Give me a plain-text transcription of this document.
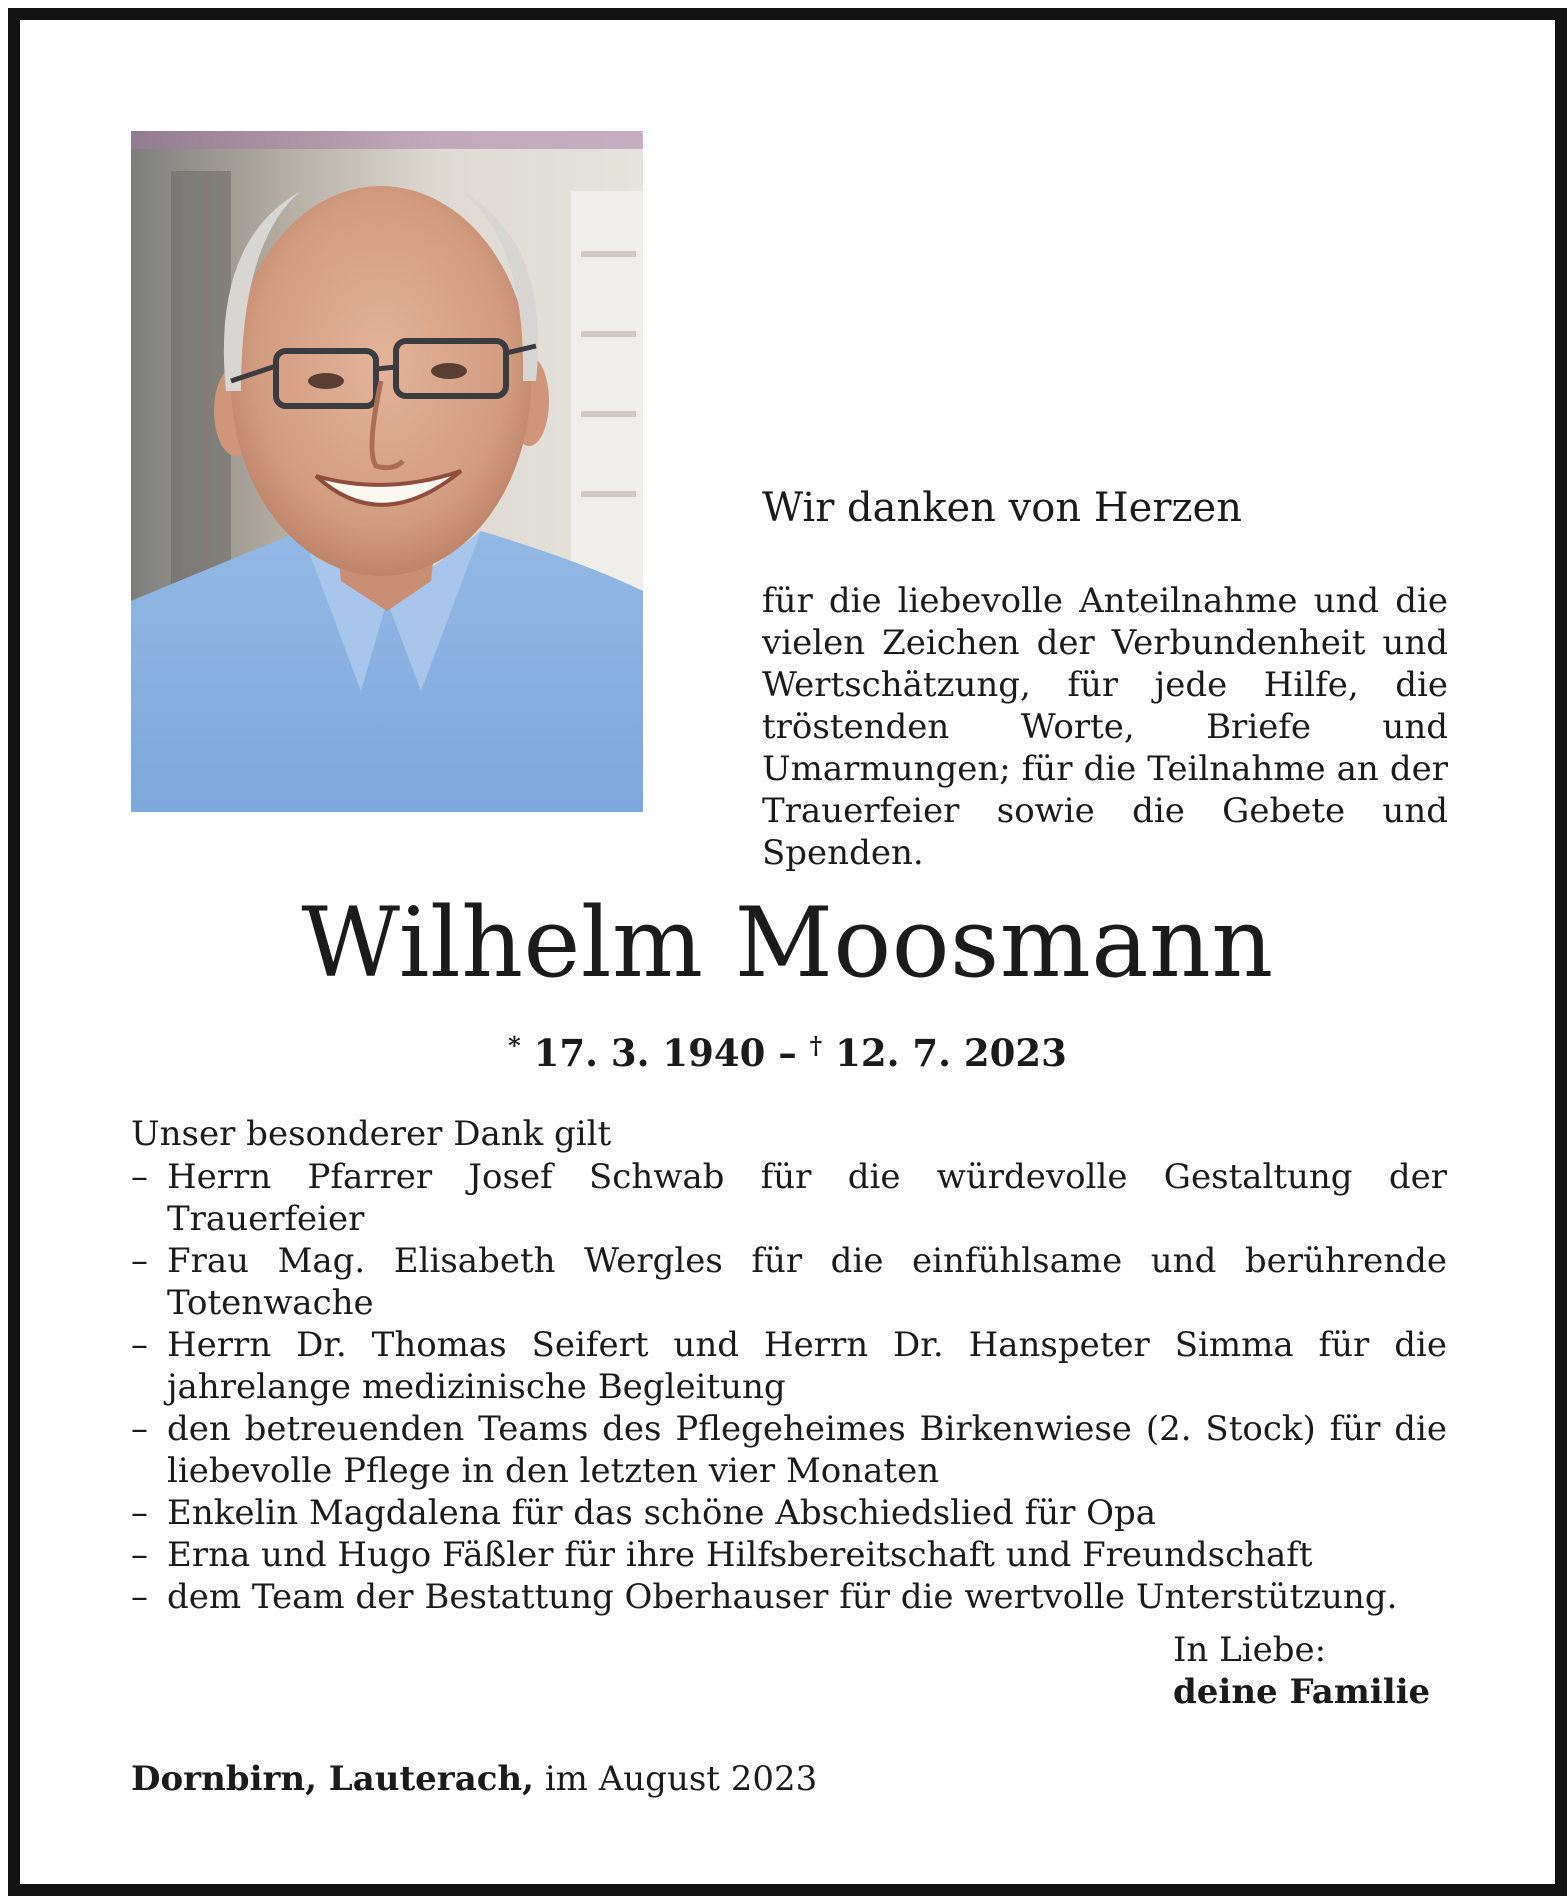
Wir danken von Herzen

für die liebevolle Anteilnahme und die vielen Zeichen der Verbundenheit und Wertschätzung, für jede Hilfe, die tröstenden Worte, Briefe und Umarmungen; für die Teilnahme an der Trauerfeier sowie die Gebete und Spenden.

Wilhelm Moosmann
* 17. 3. 1940 – † 12. 7. 2023

Unser besonderer Dank gilt

– Herrn Pfarrer Josef Schwab für die würdevolle Gestaltung der Trauerfeier
– Frau Mag. Elisabeth Wergles für die einfühlsame und berührende Totenwache
– Herrn Dr. Thomas Seifert und Herrn Dr. Hanspeter Simma für die jahrelange medizinische Begleitung
– den betreuenden Teams des Pflegeheimes Birkenwiese (2. Stock) für die liebevolle Pflege in den letzten vier Monaten
– Enkelin Magdalena für das schöne Abschiedslied für Opa
– Erna und Hugo Fäßler für ihre Hilfsbereitschaft und Freundschaft
– dem Team der Bestattung Oberhauser für die wertvolle Unterstützung.
In Liebe:
deine Familie
Dornbirn, Lauterach, im August 2023
